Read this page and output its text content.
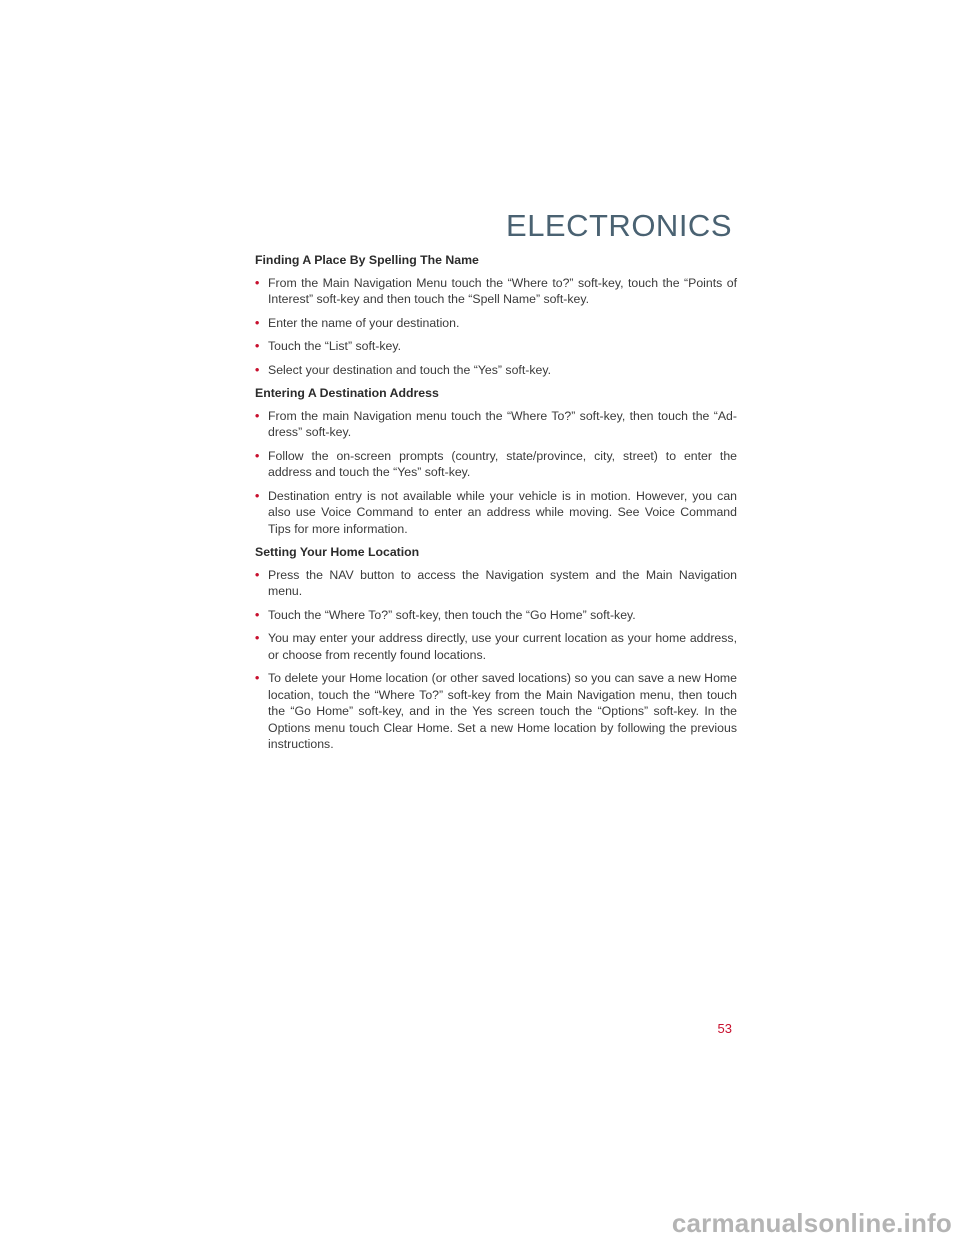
ELECTRONICS
Finding A Place By Spelling The Name
• From the Main Navigation Menu touch the “Where to?” soft-key, touch the “Points of Interest” soft-key and then touch the “Spell Name” soft-key.
• Enter the name of your destination.
• Touch the “List” soft-key.
• Select your destination and touch the “Yes” soft-key.
Entering A Destination Address
• From the main Navigation menu touch the “Where To?” soft-key, then touch the “Ad-dress” soft-key.
• Follow the on-screen prompts (country, state/province, city, street) to enter the address and touch the “Yes” soft-key.
• Destination entry is not available while your vehicle is in motion. However, you can also use Voice Command to enter an address while moving. See Voice Command Tips for more information.
Setting Your Home Location
• Press the NAV button to access the Navigation system and the Main Navigation menu.
• Touch the “Where To?” soft-key, then touch the “Go Home” soft-key.
• You may enter your address directly, use your current location as your home address, or choose from recently found locations.
• To delete your Home location (or other saved locations) so you can save a new Home location, touch the “Where To?” soft-key from the Main Navigation menu, then touch the “Go Home” soft-key, and in the Yes screen touch the “Options” soft-key. In the Options menu touch Clear Home. Set a new Home location by following the previous instructions.
53
carmanualsonline.info
